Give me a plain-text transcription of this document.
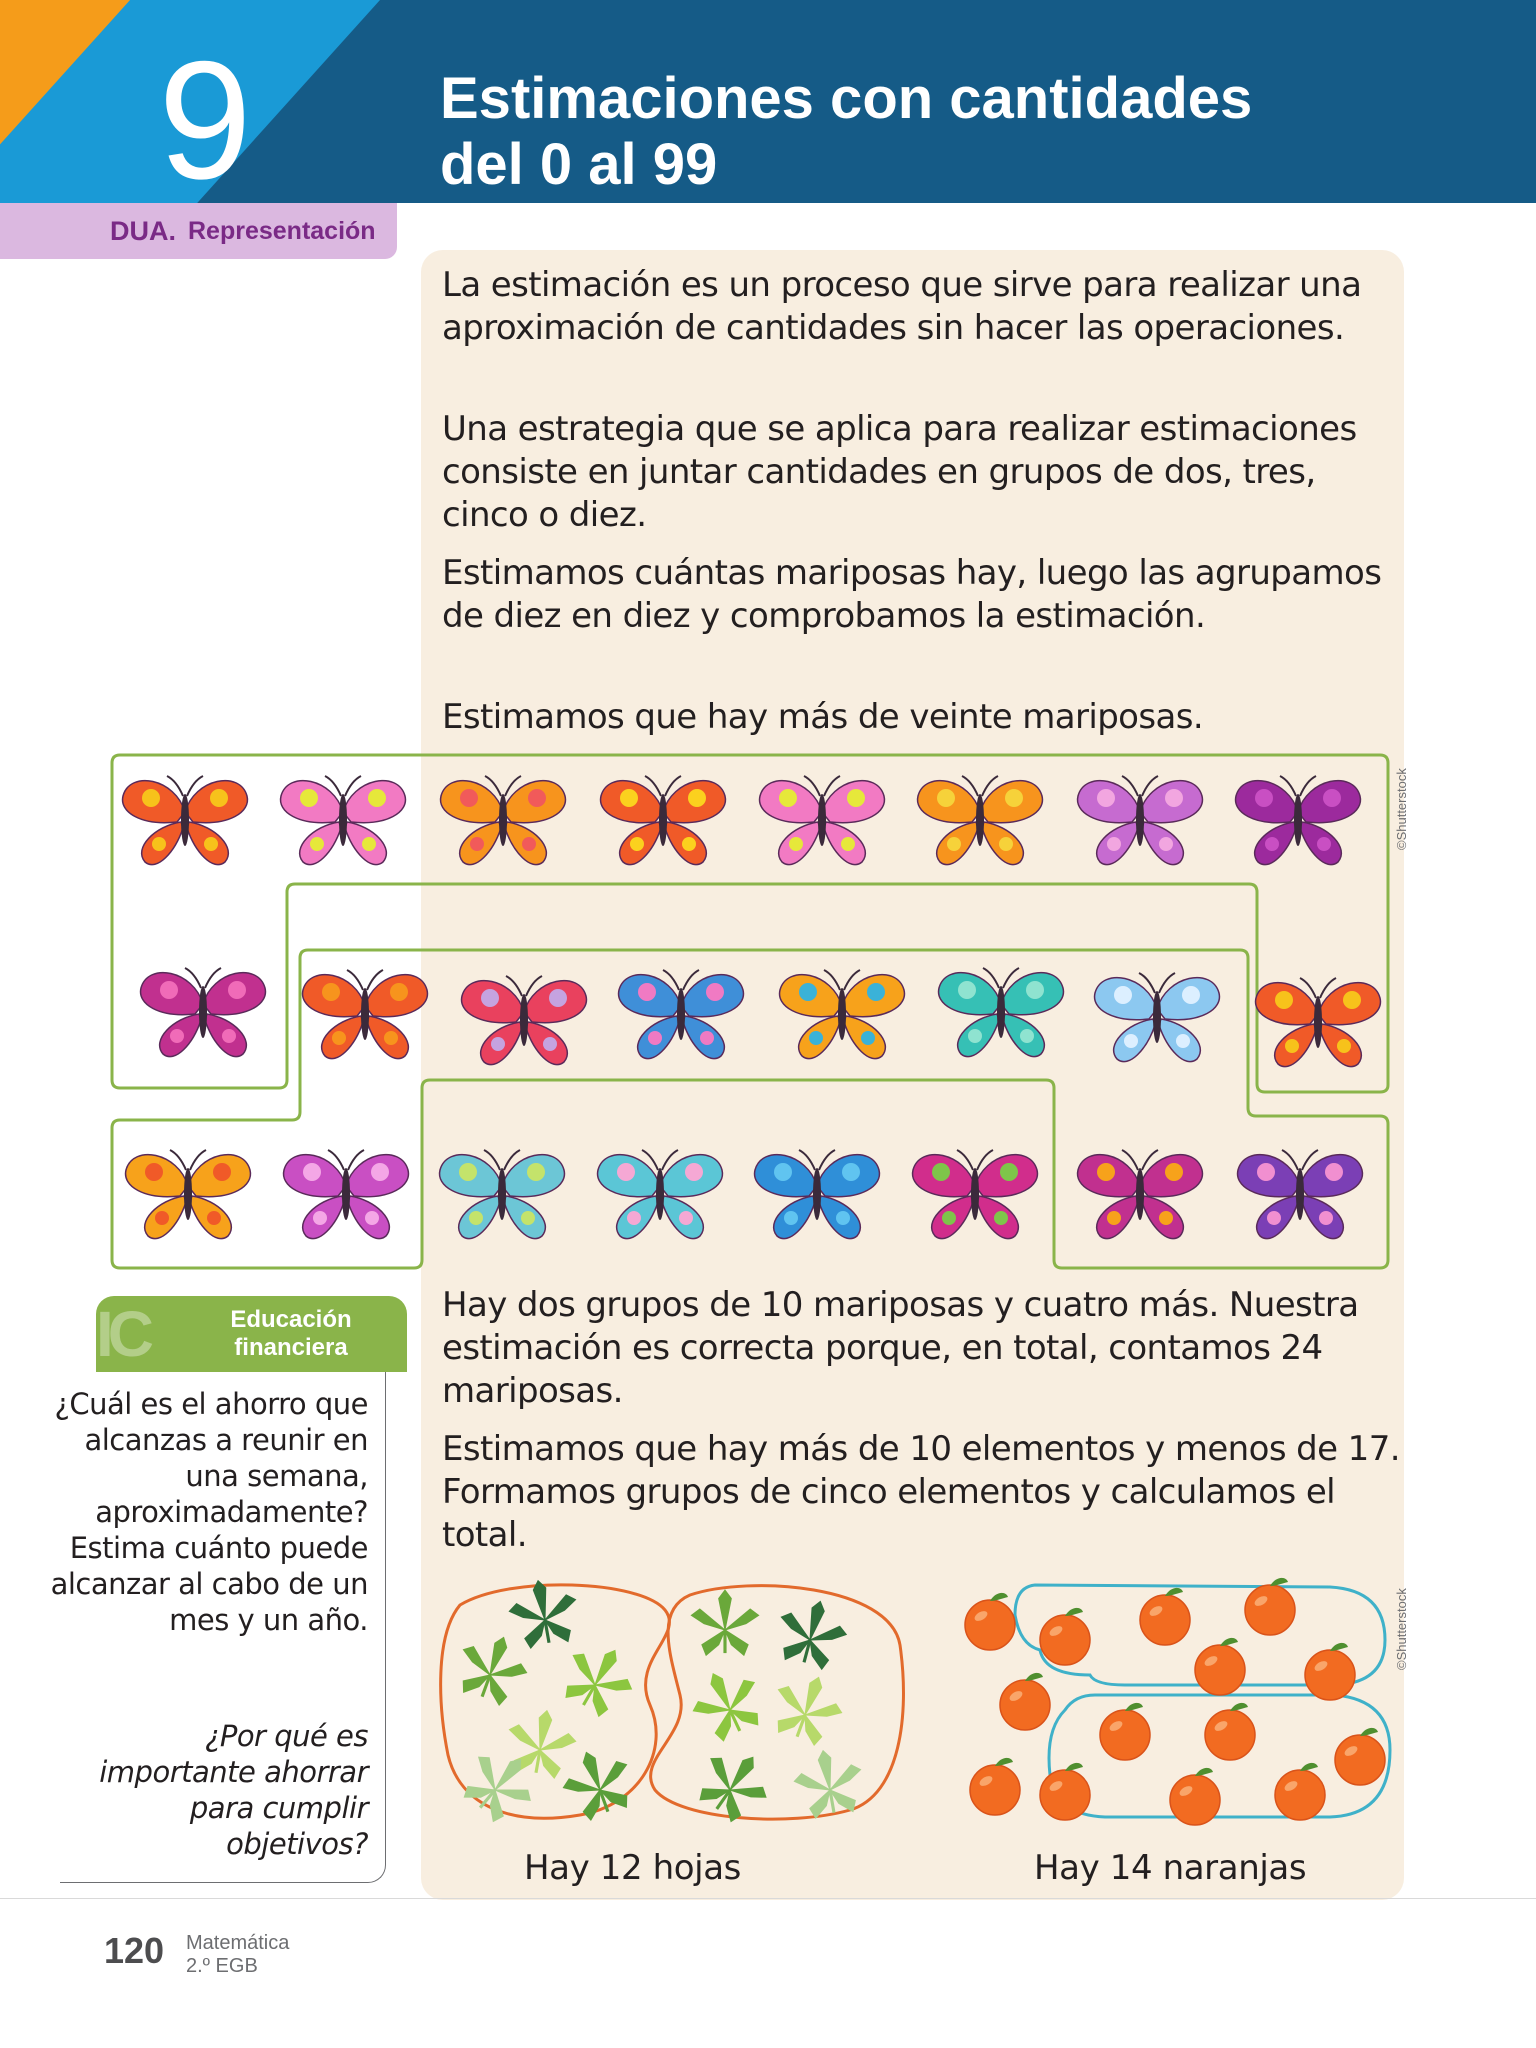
9	Estimaciones con cantidades
del 0 al 99
DUA. Representación

La estimación es un proceso que sirve para realizar una aproximación de cantidades sin hacer las operaciones.

Una estrategia que se aplica para realizar estimaciones consiste en juntar cantidades en grupos de dos, tres, cinco o diez.

Estimamos cuántas mariposas hay, luego las agrupamos de diez en diez y comprobamos la estimación.

Estimamos que hay más de veinte mariposas.

©Shutterstock

Hay dos grupos de 10 mariposas y cuatro más. Nuestra estimación es correcta porque, en total, contamos 24 mariposas.

Estimamos que hay más de 10 elementos y menos de 17. Formamos grupos de cinco elementos y calculamos el total.

©Shutterstock

Hay 12 hojas	Hay 14 naranjas

IC	Educación
financiera

¿Cuál es el ahorro que alcanzas a reunir en una semana, aproximadamente? Estima cuánto puede alcanzar al cabo de un mes y un año.

¿Por qué es importante ahorrar para cumplir objetivos?

120 Matemática
2.º EGB
